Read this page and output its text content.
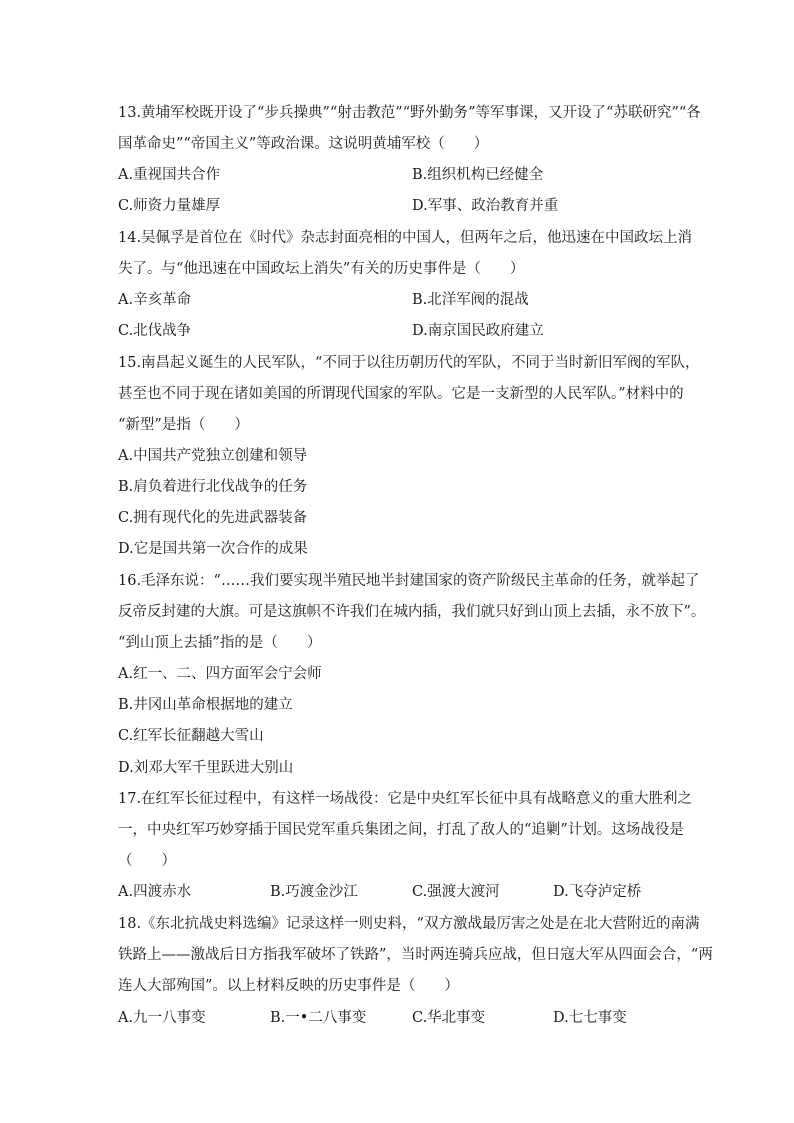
13.黄埔军校既开设了“步兵操典”“射击教范”“野外勤务”等军事课，又开设了“苏联研究”“各
国革命史”“帝国主义”等政治课。这说明黄埔军校（　　）
A.重视国共合作	B.组织机构已经健全
C.师资力量雄厚	D.军事、政治教育并重
14.吴佩孚是首位在《时代》杂志封面亮相的中国人，但两年之后，他迅速在中国政坛上消
失了。与“他迅速在中国政坛上消失”有关的历史事件是（　　）
A.辛亥革命	B.北洋军阀的混战
C.北伐战争	D.南京国民政府建立
15.南昌起义诞生的人民军队，“不同于以往历朝历代的军队，不同于当时新旧军阀的军队，
甚至也不同于现在诸如美国的所谓现代国家的军队。它是一支新型的人民军队。”材料中的
“新型”是指（　　）
A.中国共产党独立创建和领导
B.肩负着进行北伐战争的任务
C.拥有现代化的先进武器装备
D.它是国共第一次合作的成果
16.毛泽东说：“……我们要实现半殖民地半封建国家的资产阶级民主革命的任务，就举起了
反帝反封建的大旗。可是这旗帜不许我们在城内插，我们就只好到山顶上去插，永不放下”。
“到山顶上去插”指的是（　　）
A.红一、二、四方面军会宁会师
B.井冈山革命根据地的建立
C.红军长征翻越大雪山
D.刘邓大军千里跃进大别山
17.在红军长征过程中，有这样一场战役：它是中央红军长征中具有战略意义的重大胜利之
一，中央红军巧妙穿插于国民党军重兵集团之间，打乱了敌人的“追剿”计划。这场战役是
（　　）
A.四渡赤水	B.巧渡金沙江	C.强渡大渡河	D.飞夺泸定桥
18.《东北抗战史料选编》记录这样一则史料，“双方激战最厉害之处是在北大营附近的南满
铁路上——激战后日方指我军破坏了铁路”，当时两连骑兵应战，但日寇大军从四面会合，“两
连人大部殉国”。以上材料反映的历史事件是（　　）
A.九一八事变	B.一•二八事变	C.华北事变	D.七七事变
